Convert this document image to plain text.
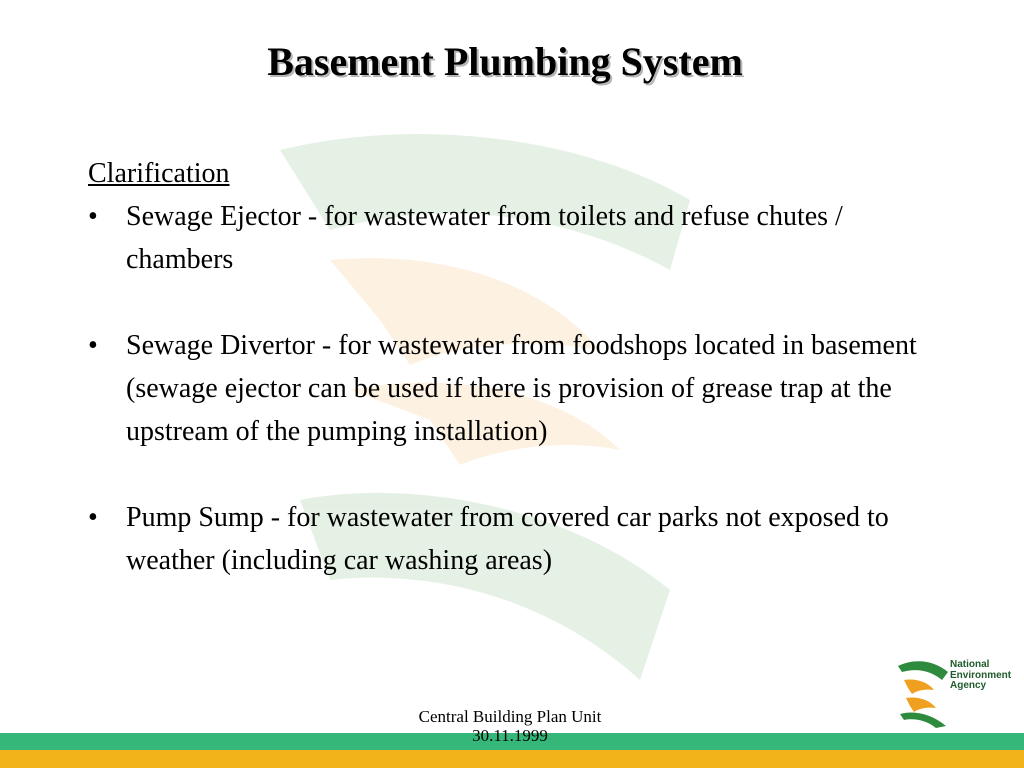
Basement Plumbing System
Clarification
• Sewage Ejector - for wastewater from toilets and refuse chutes / chambers
• Sewage Divertor - for wastewater from foodshops located in basement (sewage ejector can be used if there is provision of grease trap at the upstream of the pumping installation)
• Pump Sump - for wastewater from covered car parks not exposed to weather (including car washing areas)
National
Environment
Agency
Central Building Plan Unit
30.11.1999
